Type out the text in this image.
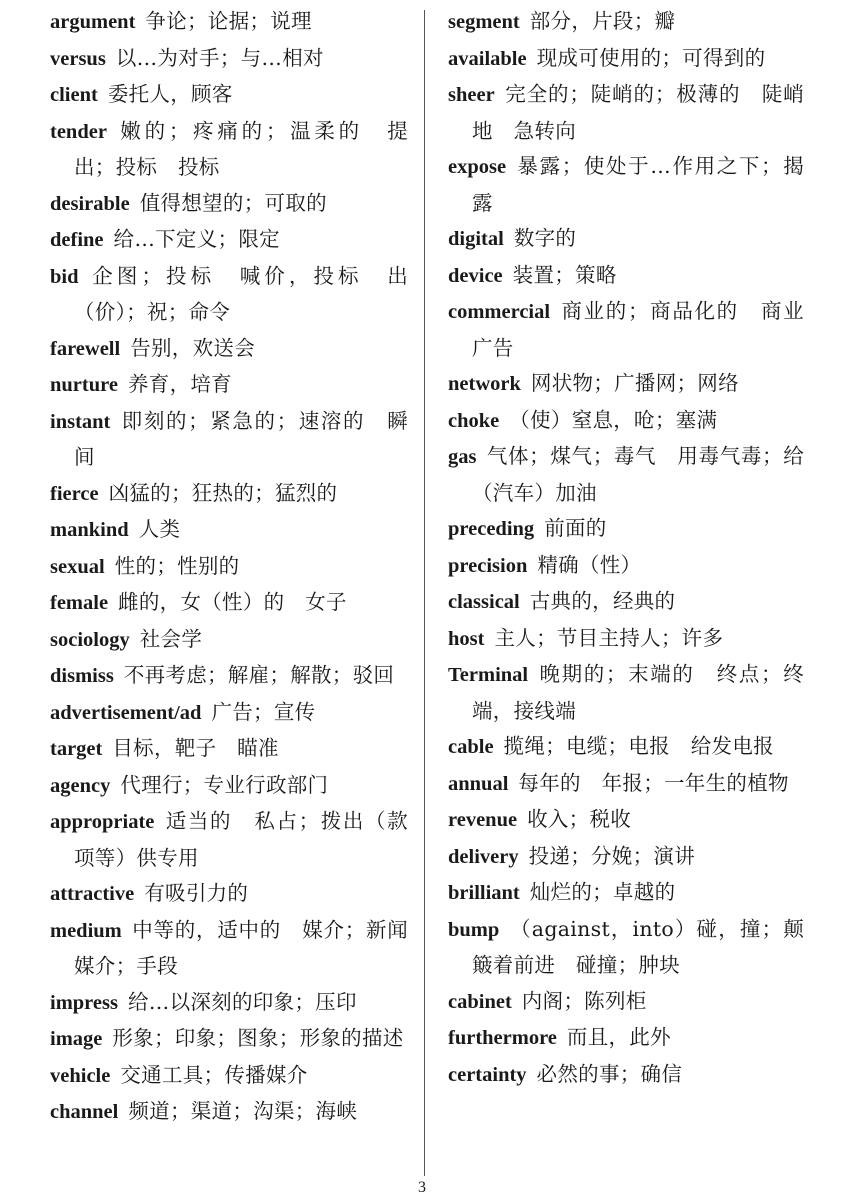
argument 争论；论据；说理
versus 以…为对手；与…相对
client 委托人，顾客
tender 嫩的；疼痛的；温柔的　提出；投标　投标
desirable 值得想望的；可取的
define 给…下定义；限定
bid 企图；投标　喊价，投标　出（价）；祝；命令
farewell 告别，欢送会
nurture 养育，培育
instant 即刻的；紧急的；速溶的　瞬间
fierce 凶猛的；狂热的；猛烈的
mankind 人类
sexual 性的；性别的
female 雌的，女（性）的　女子
sociology 社会学
dismiss 不再考虑；解雇；解散；驳回
advertisement/ad 广告；宣传
target 目标，靶子　瞄准
agency 代理行；专业行政部门
appropriate 适当的　私占；拨出（款项等）供专用
attractive 有吸引力的
medium 中等的，适中的　媒介；新闻媒介；手段
impress 给…以深刻的印象；压印
image 形象；印象；图象；形象的描述
vehicle 交通工具；传播媒介
channel 频道；渠道；沟渠；海峡
segment 部分，片段；瓣
available 现成可使用的；可得到的
sheer 完全的；陡峭的；极薄的　陡峭地　急转向
expose 暴露；使处于…作用之下；揭露
digital 数字的
device 装置；策略
commercial 商业的；商品化的　商业广告
network 网状物；广播网；网络
choke （使）窒息，呛；塞满
gas 气体；煤气；毒气　用毒气毒；给（汽车）加油
preceding 前面的
precision 精确（性）
classical 古典的，经典的
host 主人；节目主持人；许多
Terminal 晚期的；末端的　终点；终端，接线端
cable 揽绳；电缆；电报　给发电报
annual 每年的　年报；一年生的植物
revenue 收入；税收
delivery 投递；分娩；演讲
brilliant 灿烂的；卓越的
bump （against，into）碰，撞；颠簸着前进　碰撞；肿块
cabinet 内阁；陈列柜
furthermore 而且，此外
certainty 必然的事；确信
3
